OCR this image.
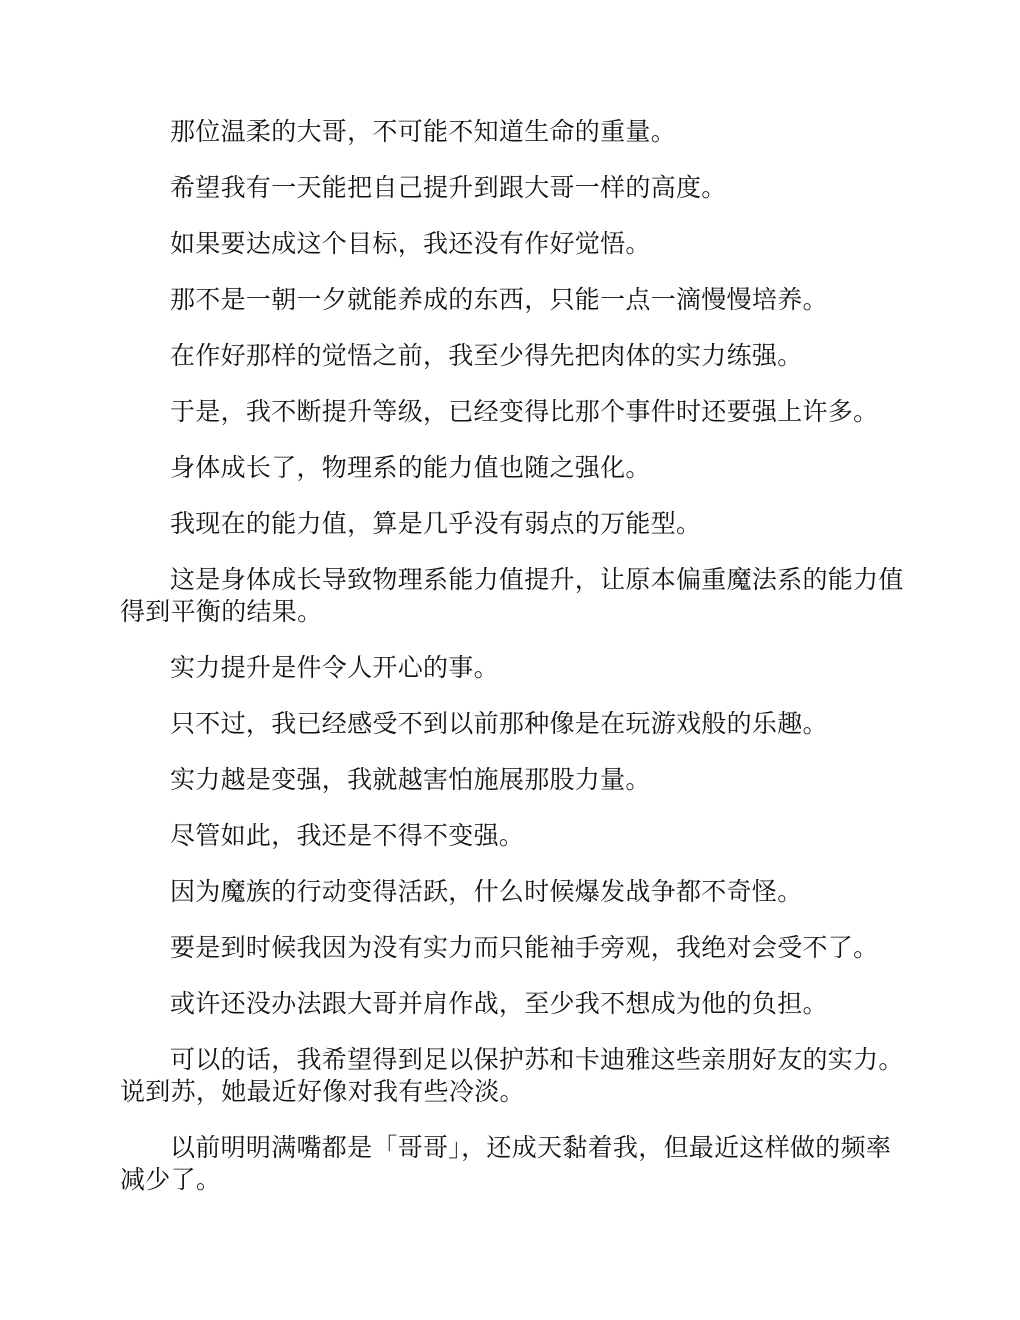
那位温柔的大哥，不可能不知道生命的重量。

希望我有一天能把自己提升到跟大哥一样的高度。

如果要达成这个目标，我还没有作好觉悟。

那不是一朝一夕就能养成的东西，只能一点一滴慢慢培养。

在作好那样的觉悟之前，我至少得先把肉体的实力练强。

于是，我不断提升等级，已经变得比那个事件时还要强上许多。

身体成长了，物理系的能力值也随之强化。

我现在的能力值，算是几乎没有弱点的万能型。

这是身体成长导致物理系能力值提升，让原本偏重魔法系的能力值得到平衡的结果。

实力提升是件令人开心的事。

只不过，我已经感受不到以前那种像是在玩游戏般的乐趣。

实力越是变强，我就越害怕施展那股力量。

尽管如此，我还是不得不变强。

因为魔族的行动变得活跃，什么时候爆发战争都不奇怪。

要是到时候我因为没有实力而只能袖手旁观，我绝对会受不了。

或许还没办法跟大哥并肩作战，至少我不想成为他的负担。

可以的话，我希望得到足以保护苏和卡迪雅这些亲朋好友的实力。说到苏，她最近好像对我有些冷淡。

以前明明满嘴都是「哥哥」，还成天黏着我，但最近这样做的频率减少了。
